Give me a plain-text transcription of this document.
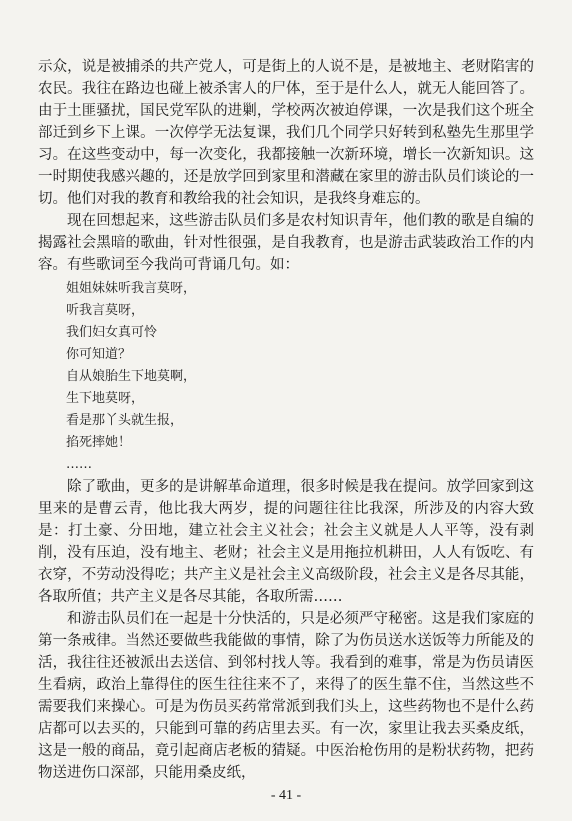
示众，说是被捕杀的共产党人，可是街上的人说不是，是被地主、老财陷害的农民。我往在路边也碰上被杀害人的尸体，至于是什么人，就无人能回答了。由于土匪骚扰，国民党军队的进剿，学校两次被迫停课，一次是我们这个班全部迁到乡下上课。一次停学无法复课，我们几个同学只好转到私塾先生那里学习。在这些变动中，每一次变化，我都接触一次新环境，增长一次新知识。这一时期使我感兴趣的，还是放学回到家里和潜藏在家里的游击队员们谈论的一切。他们对我的教育和教给我的社会知识，是我终身难忘的。

现在回想起来，这些游击队员们多是农村知识青年，他们教的歌是自编的揭露社会黑暗的歌曲，针对性很强，是自我教育，也是游击武装政治工作的内容。有些歌词至今我尚可背诵几句。如：

姐姐妹妹听我言莫呀，
听我言莫呀，
我们妇女真可怜
你可知道？
自从娘胎生下地莫啊，
生下地莫呀，
看是那丫头就生报，
掐死摔她！
……

除了歌曲，更多的是讲解革命道理，很多时候是我在提问。放学回家到这里来的是曹云青，他比我大两岁，提的问题往往比我深，所涉及的内容大致是：打土豪、分田地，建立社会主义社会；社会主义就是人人平等，没有剥削，没有压迫，没有地主、老财；社会主义是用拖拉机耕田，人人有饭吃、有衣穿，不劳动没得吃；共产主义是社会主义高级阶段，社会主义是各尽其能，各取所值；共产主义是各尽其能，各取所需……

和游击队员们在一起是十分快活的，只是必须严守秘密。这是我们家庭的第一条戒律。当然还要做些我能做的事情，除了为伤员送水送饭等力所能及的活，我往往还被派出去送信、到邻村找人等。我看到的难事，常是为伤员请医生看病，政治上靠得住的医生往往来不了，来得了的医生靠不住，当然这些不需要我们来操心。可是为伤员买药常常派到我们头上，这些药物也不是什么药店都可以去买的，只能到可靠的药店里去买。有一次，家里让我去买桑皮纸，这是一般的商品，竟引起商店老板的猜疑。中医治枪伤用的是粉状药物，把药物送进伤口深部，只能用桑皮纸，

- 41 -
